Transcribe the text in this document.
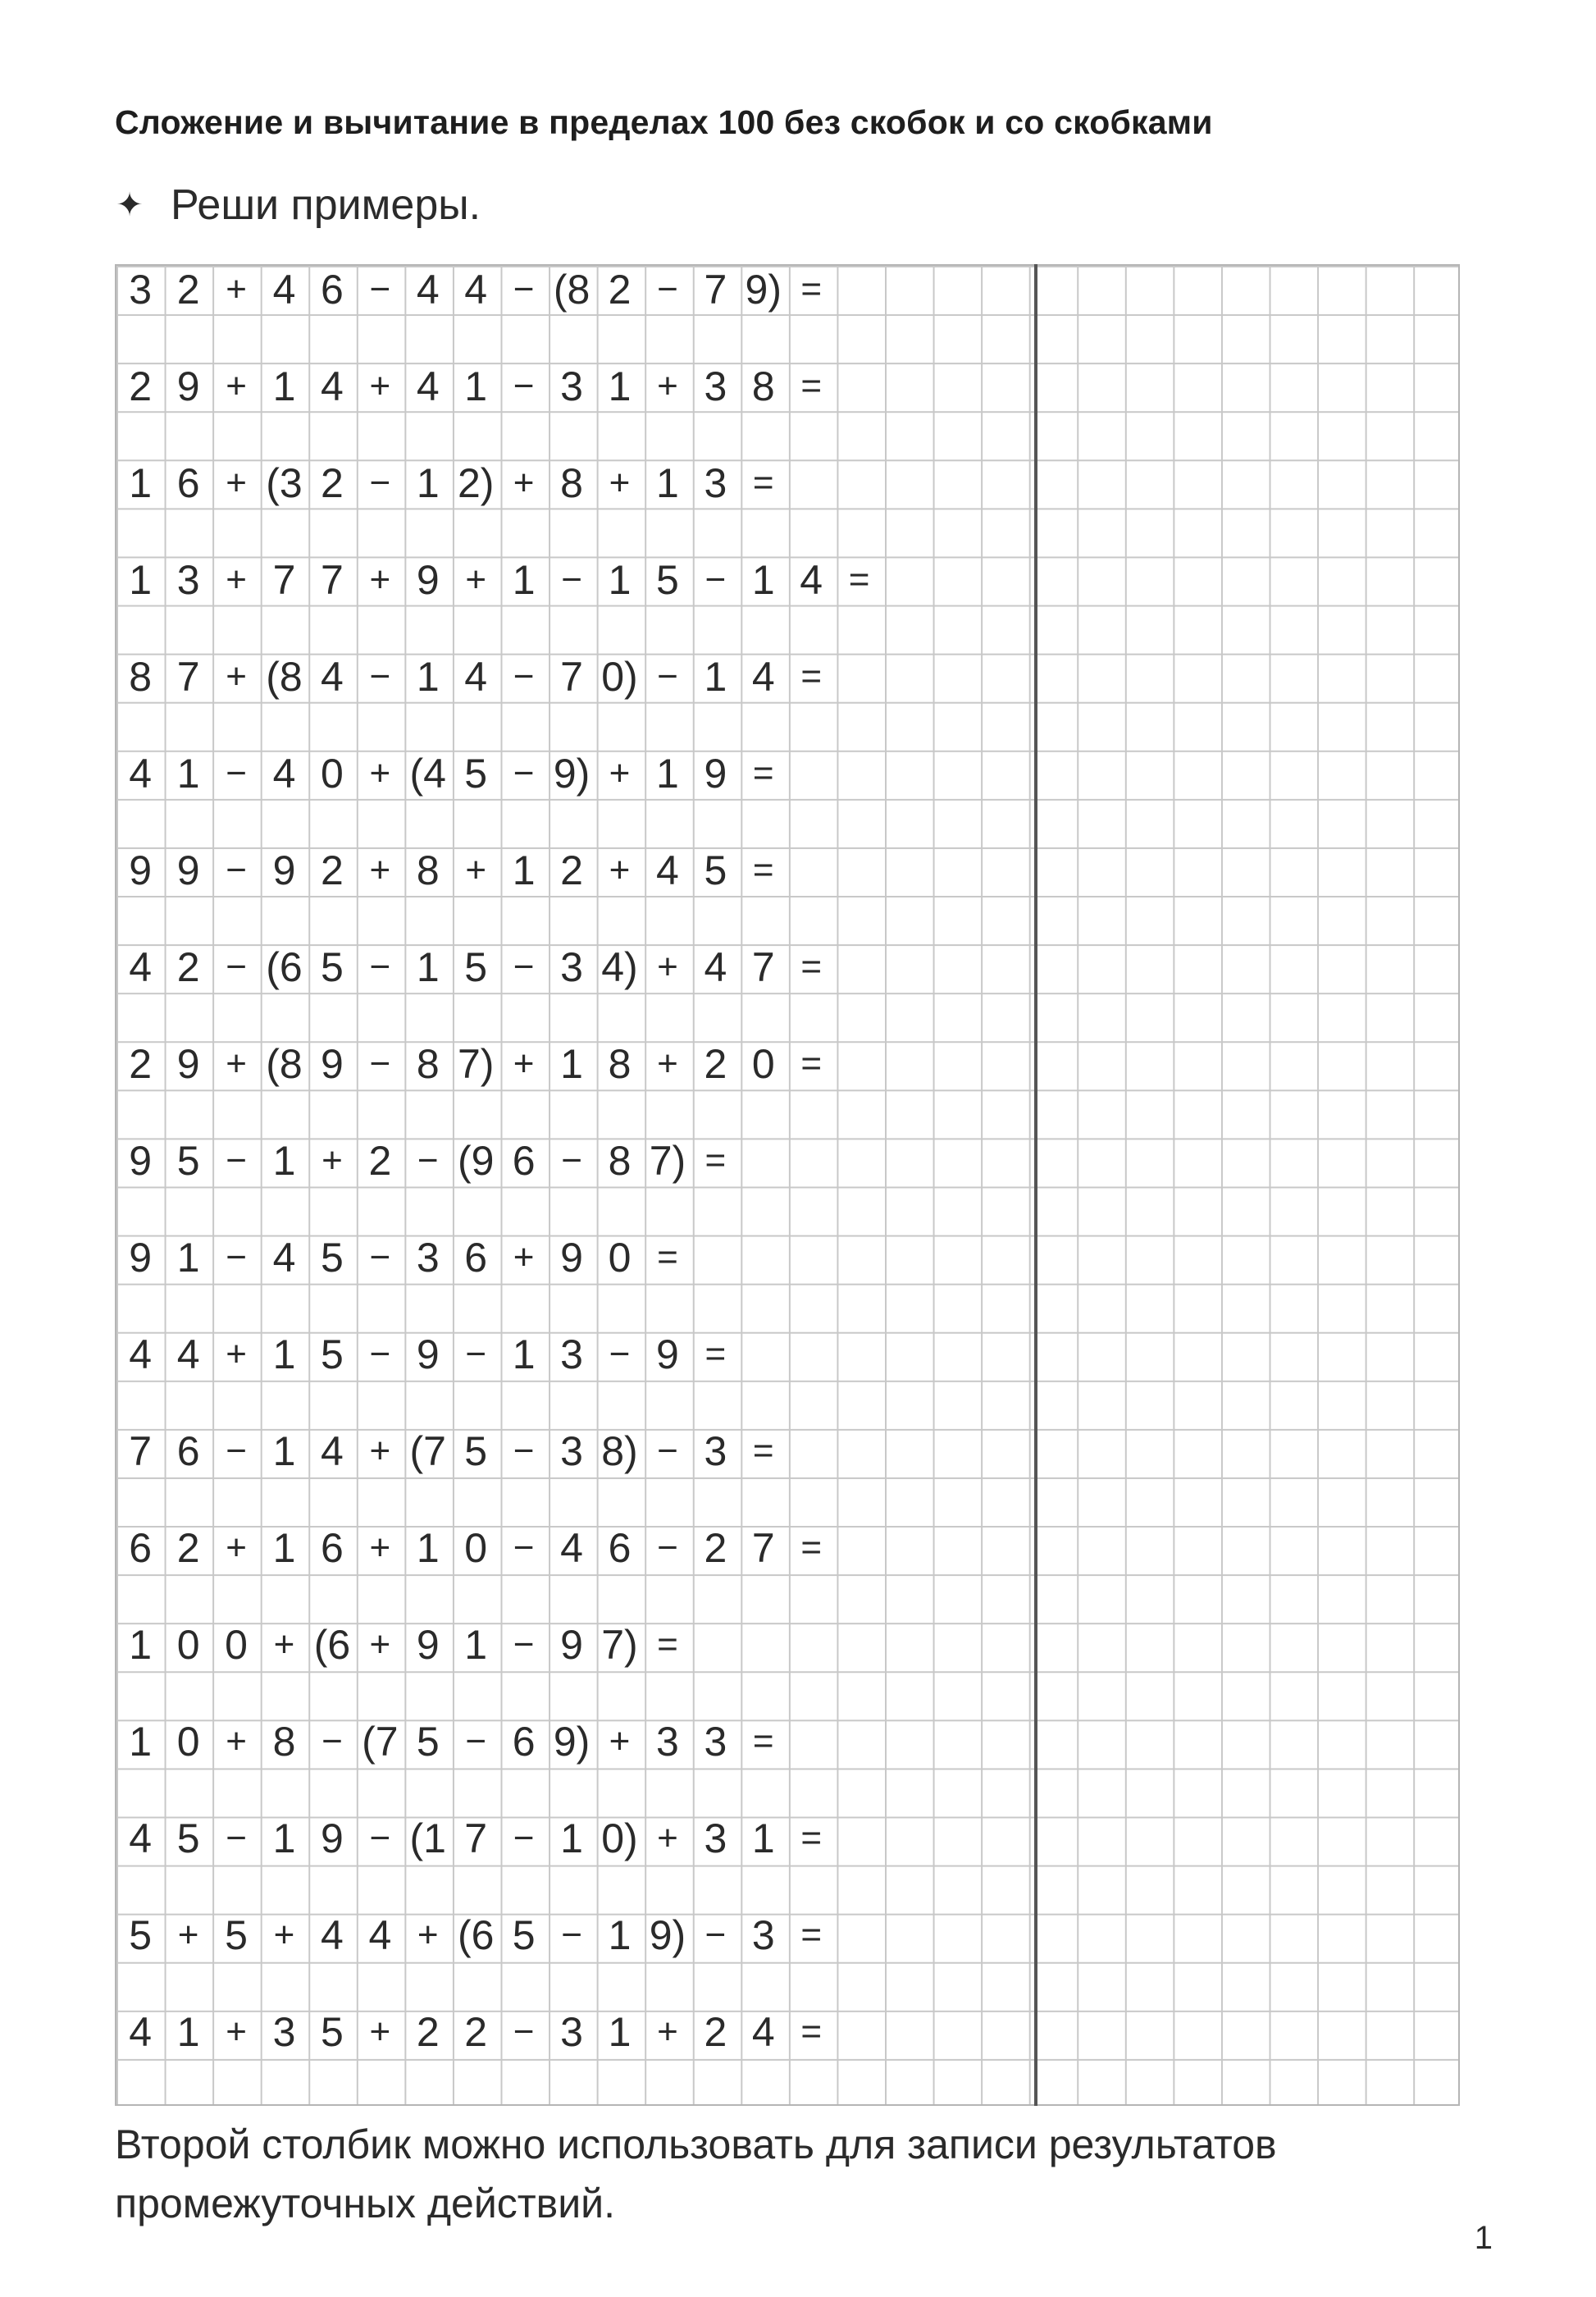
Сложение и вычитание в пределах 100 без скобок и со скобками
✦ Реши примеры.
3 2 + 4 6 − 4 4 − (8 2 − 7 9) =
2 9 + 1 4 + 4 1 − 3 1 + 3 8 =
1 6 + (3 2 − 1 2) + 8 + 1 3 =
1 3 + 7 7 + 9 + 1 − 1 5 − 1 4 =
8 7 + (8 4 − 1 4 − 7 0) − 1 4 =
4 1 − 4 0 + (4 5 − 9) + 1 9 =
9 9 − 9 2 + 8 + 1 2 + 4 5 =
4 2 − (6 5 − 1 5 − 3 4) + 4 7 =
2 9 + (8 9 − 8 7) + 1 8 + 2 0 =
9 5 − 1 + 2 − (9 6 − 8 7) =
9 1 − 4 5 − 3 6 + 9 0 =
4 4 + 1 5 − 9 − 1 3 − 9 =
7 6 − 1 4 + (7 5 − 3 8) − 3 =
6 2 + 1 6 + 1 0 − 4 6 − 2 7 =
1 0 0 + (6 + 9 1 − 9 7) =
1 0 + 8 − (7 5 − 6 9) + 3 3 =
4 5 − 1 9 − (1 7 − 1 0) + 3 1 =
5 + 5 + 4 4 + (6 5 − 1 9) − 3 =
4 1 + 3 5 + 2 2 − 3 1 + 2 4 =

Второй столбик можно использовать для записи результатов промежуточных действий.

1
